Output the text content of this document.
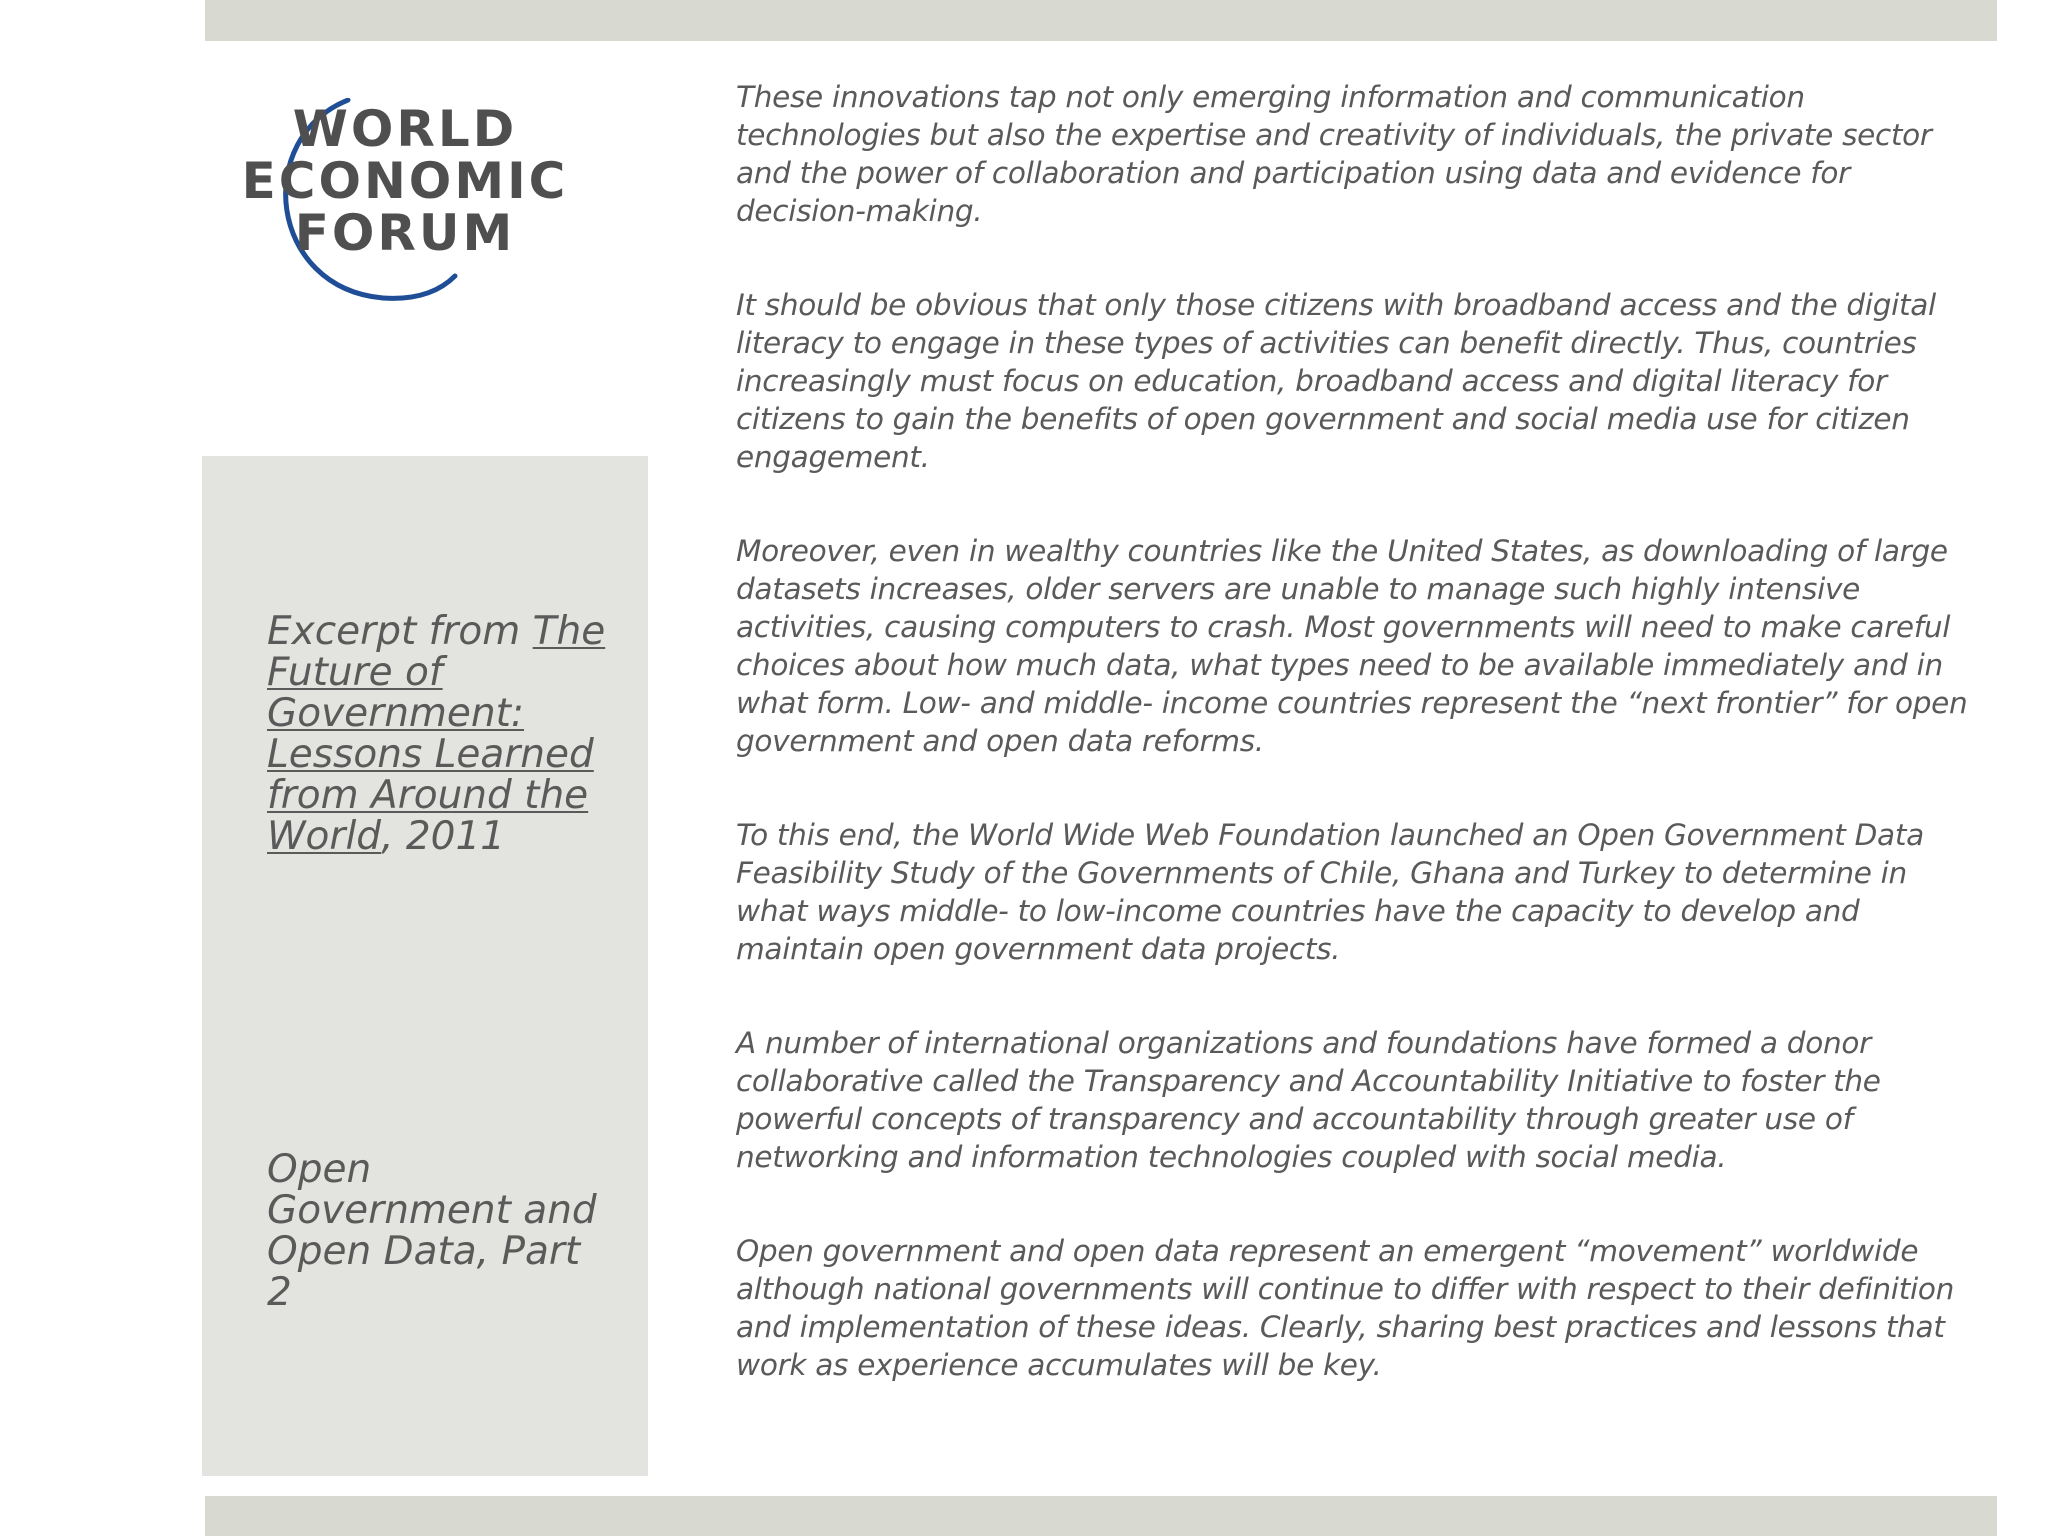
WORLD
ECONOMIC
FORUM

Excerpt from The Future of Government: Lessons Learned from Around the World, 2011

Open Government and Open Data, Part 2

These innovations tap not only emerging information and communication technologies but also the expertise and creativity of individuals, the private sector and the power of collaboration and participation using data and evidence for decision-making.

It should be obvious that only those citizens with broadband access and the digital literacy to engage in these types of activities can benefit directly. Thus, countries increasingly must focus on education, broadband access and digital literacy for citizens to gain the benefits of open government and social media use for citizen engagement.

Moreover, even in wealthy countries like the United States, as downloading of large datasets increases, older servers are unable to manage such highly intensive activities, causing computers to crash. Most governments will need to make careful choices about how much data, what types need to be available immediately and in what form. Low- and middle- income countries represent the “next frontier” for open government and open data reforms.

To this end, the World Wide Web Foundation launched an Open Government Data Feasibility Study of the Governments of Chile, Ghana and Turkey to determine in what ways middle- to low-income countries have the capacity to develop and maintain open government data projects.

A number of international organizations and foundations have formed a donor collaborative called the Transparency and Accountability Initiative to foster the powerful concepts of transparency and accountability through greater use of networking and information technologies coupled with social media.

Open government and open data represent an emergent “movement” worldwide although national governments will continue to differ with respect to their definition and implementation of these ideas. Clearly, sharing best practices and lessons that work as experience accumulates will be key.
